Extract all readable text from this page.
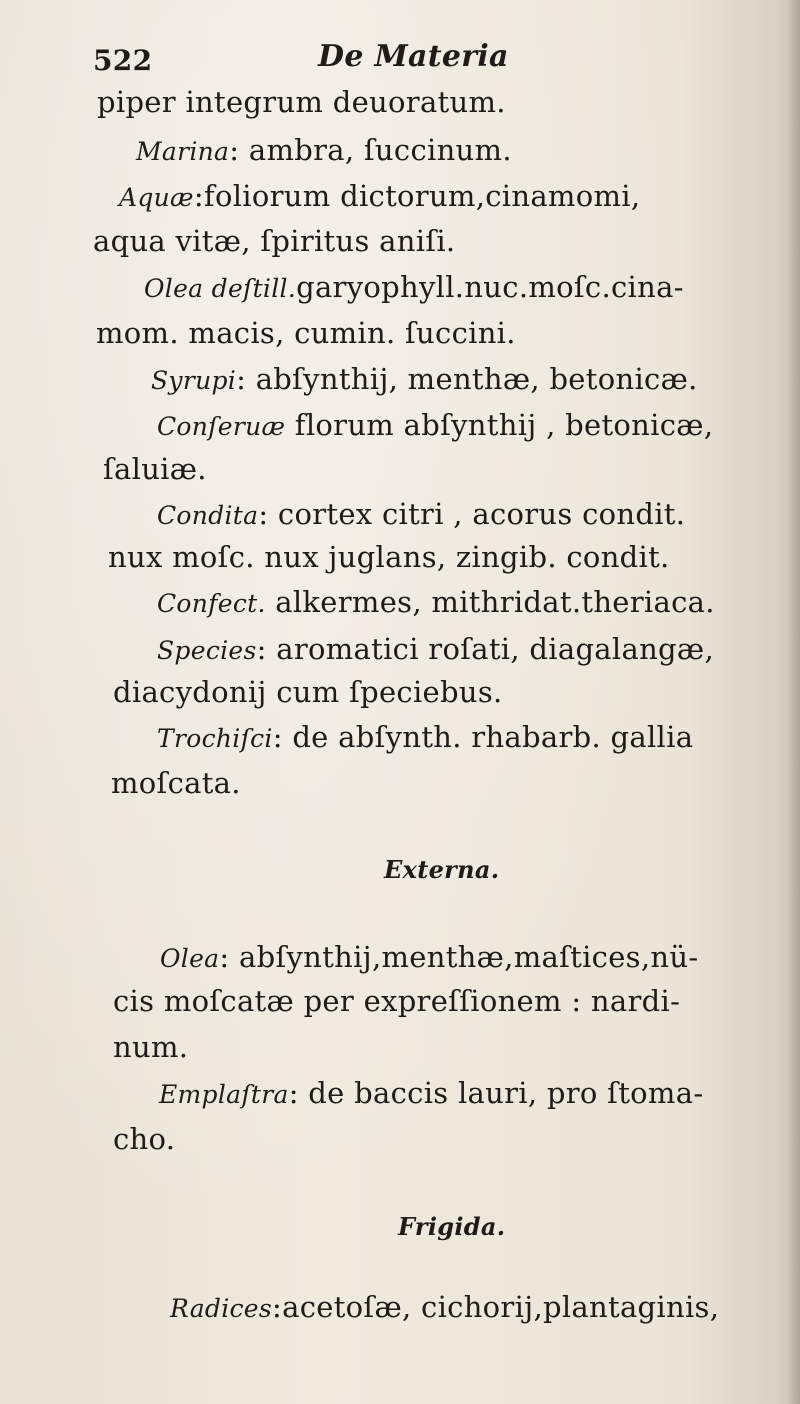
522	De Materia
piper integrum deuoratum.
Marina: ambra, ſuccinum.
Aquæ:foliorum dictorum,cinamomi,
aqua vitæ, ſpiritus aniſi.
Olea deſtill.garyophyll.nuc.moſc.cina-
mom. macis, cumin. ſuccini.
Syrupi: abſynthij, menthæ, betonicæ.
Conſeruæ florum abſynthij , betonicæ,
ſaluiæ.
Condita: cortex citri , acorus condit.
nux moſc. nux juglans, zingib. condit.
Confect. alkermes, mithridat.theriaca.
Species: aromatici roſati, diagalangæ,
diacydonij cum ſpeciebus.
Trochiſci: de abſynth. rhabarb. gallia
moſcata.
Externa.
Olea: abſynthij,menthæ,maſtices,nü-
cis moſcatæ per expreſſionem : nardi-
num.
Emplaſtra: de baccis lauri, pro ſtoma-
cho.
Frigida.
Radices:acetoſæ, cichorij,plantaginis,
